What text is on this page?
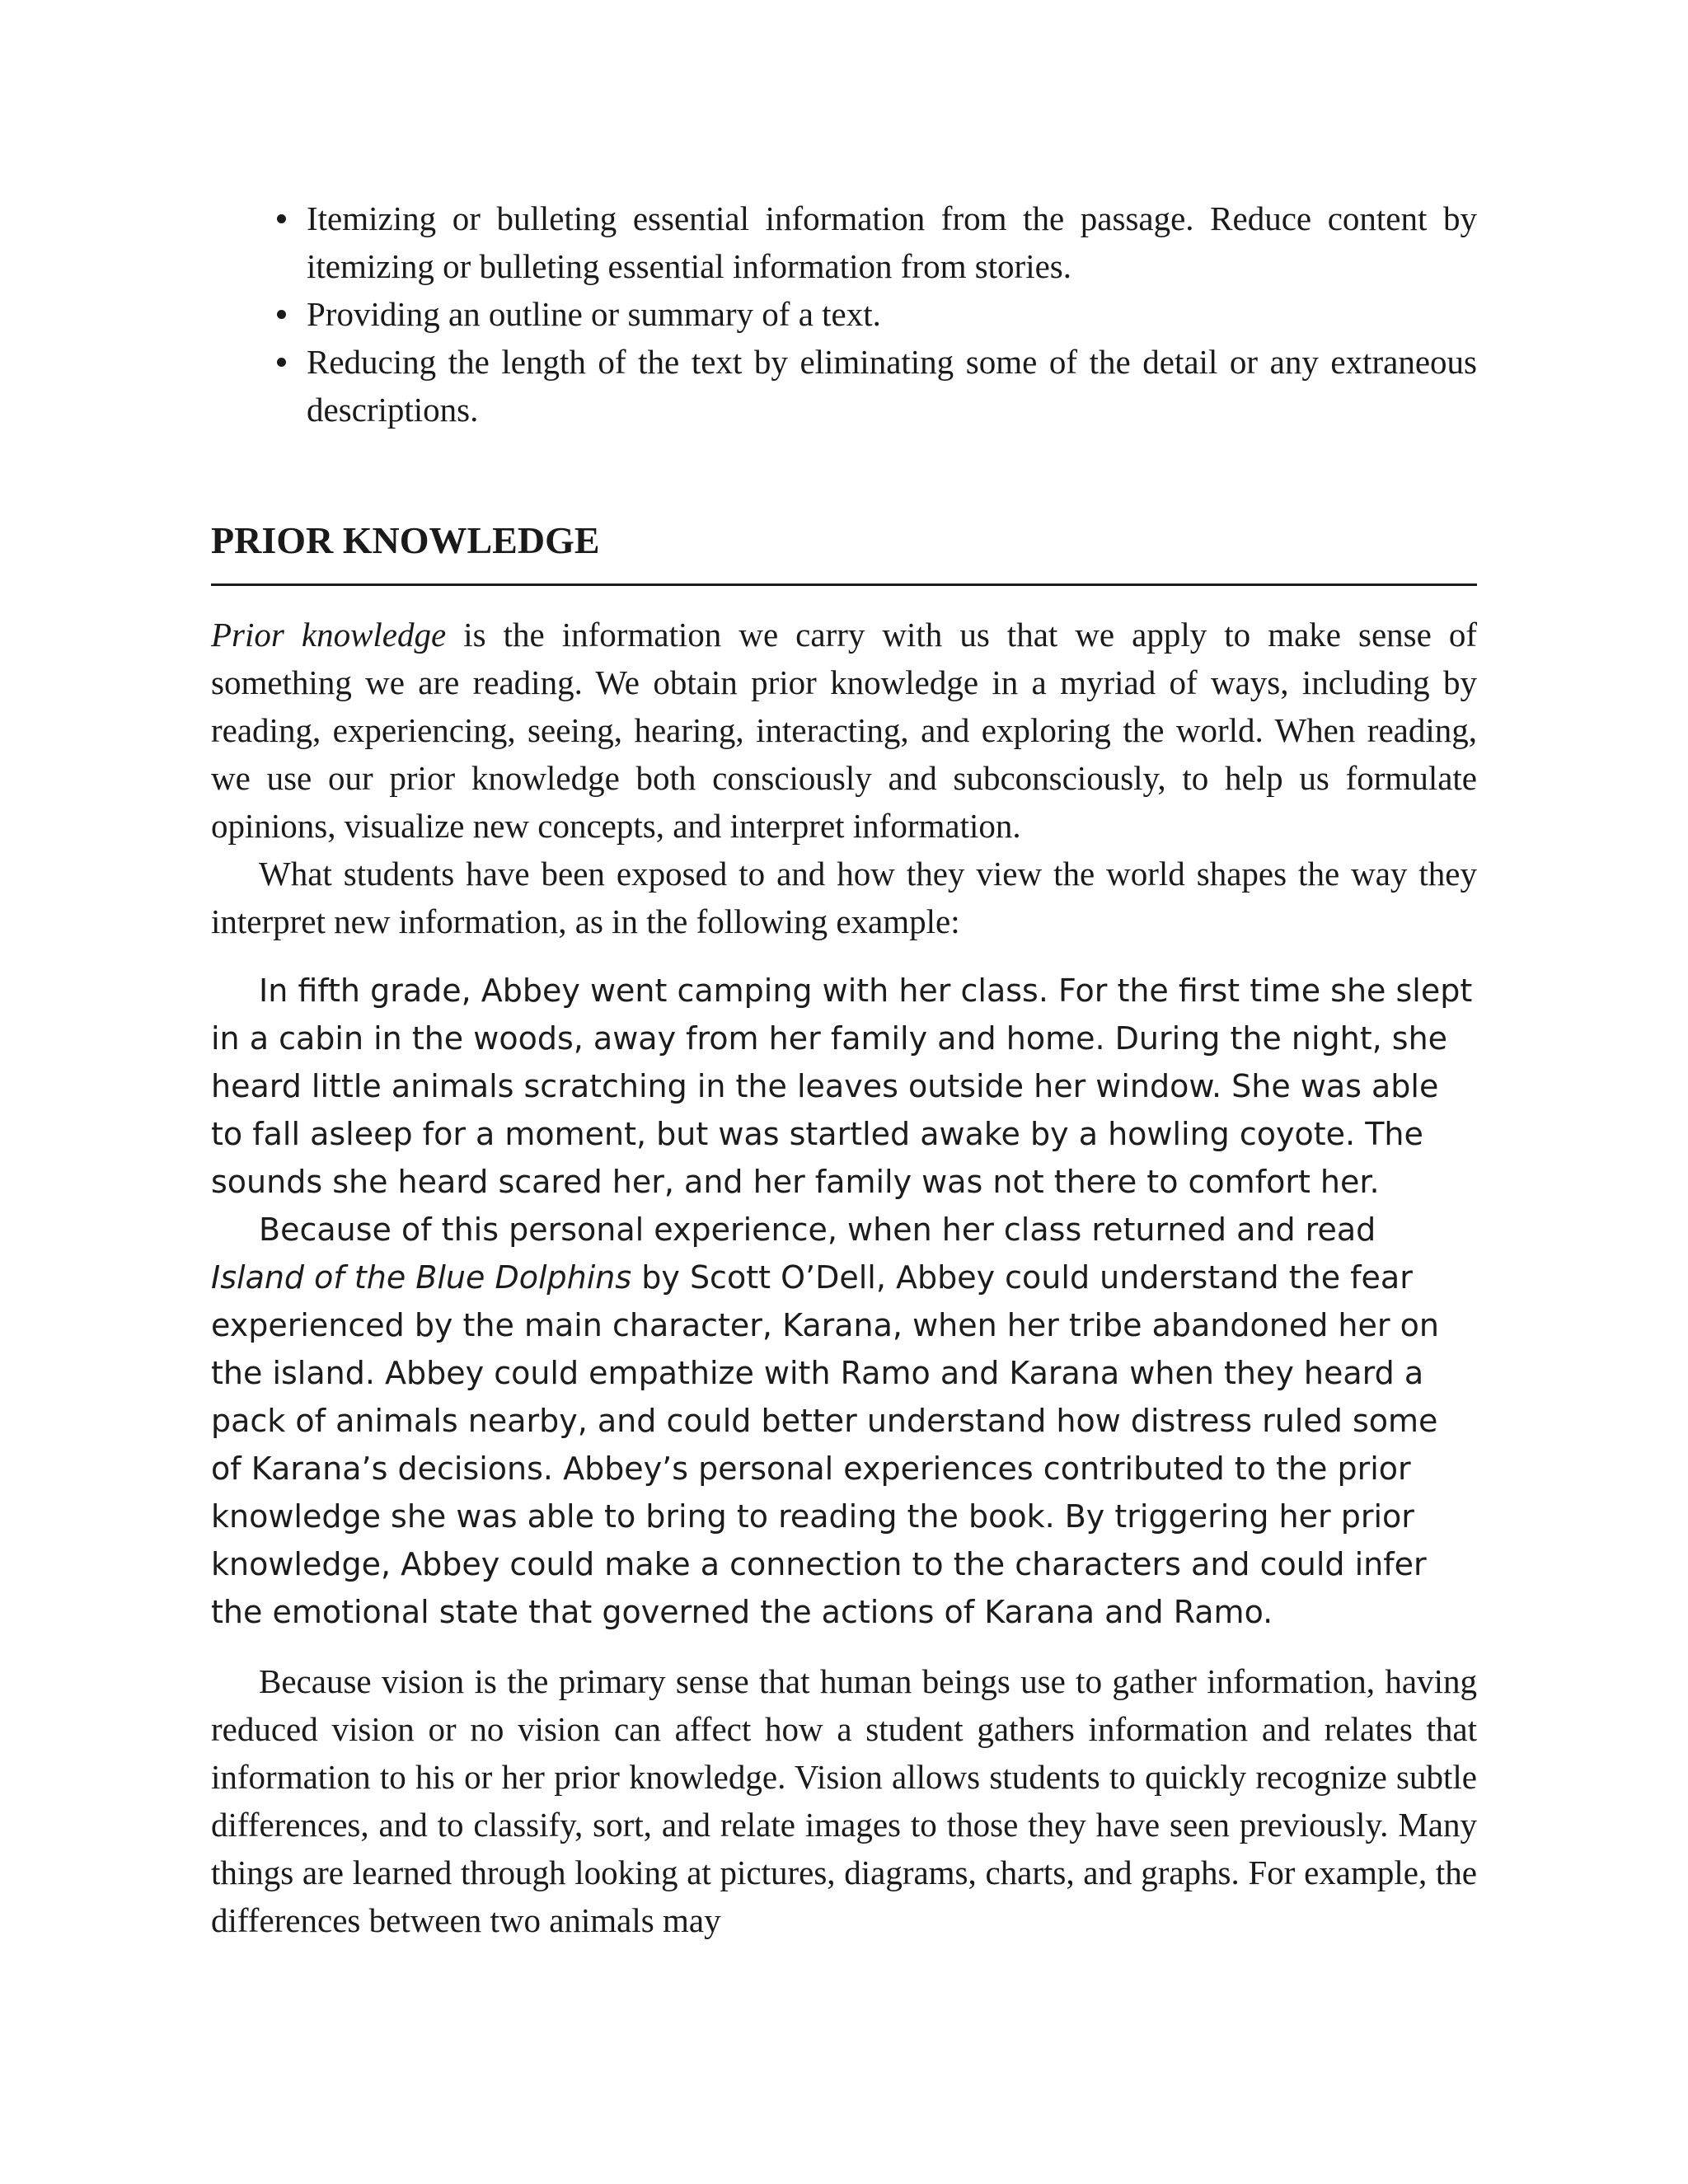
Itemizing or bulleting essential information from the passage. Reduce content by itemizing or bulleting essential information from stories.
Providing an outline or summary of a text.
Reducing the length of the text by eliminating some of the detail or any extraneous descriptions.
PRIOR KNOWLEDGE

Prior knowledge is the information we carry with us that we apply to make sense of something we are reading. We obtain prior knowledge in a myriad of ways, including by reading, experiencing, seeing, hearing, interacting, and exploring the world. When reading, we use our prior knowledge both consciously and subconsciously, to help us formulate opinions, visualize new concepts, and interpret information.

What students have been exposed to and how they view the world shapes the way they interpret new information, as in the following example:

In fifth grade, Abbey went camping with her class. For the first time she slept in a cabin in the woods, away from her family and home. During the night, she heard little animals scratching in the leaves outside her window. She was able to fall asleep for a moment, but was startled awake by a howling coyote. The sounds she heard scared her, and her family was not there to comfort her.

Because of this personal experience, when her class returned and read Island of the Blue Dolphins by Scott O’Dell, Abbey could understand the fear experienced by the main character, Karana, when her tribe abandoned her on the island. Abbey could empathize with Ramo and Karana when they heard a pack of animals nearby, and could better understand how distress ruled some of Karana’s decisions. Abbey’s personal experiences contributed to the prior knowledge she was able to bring to reading the book. By triggering her prior knowledge, Abbey could make a connection to the characters and could infer the emotional state that governed the actions of Karana and Ramo.

Because vision is the primary sense that human beings use to gather information, having reduced vision or no vision can affect how a student gathers information and relates that information to his or her prior knowledge. Vision allows students to quickly recognize subtle differences, and to classify, sort, and relate images to those they have seen previously. Many things are learned through looking at pictures, diagrams, charts, and graphs. For example, the differences between two animals may
